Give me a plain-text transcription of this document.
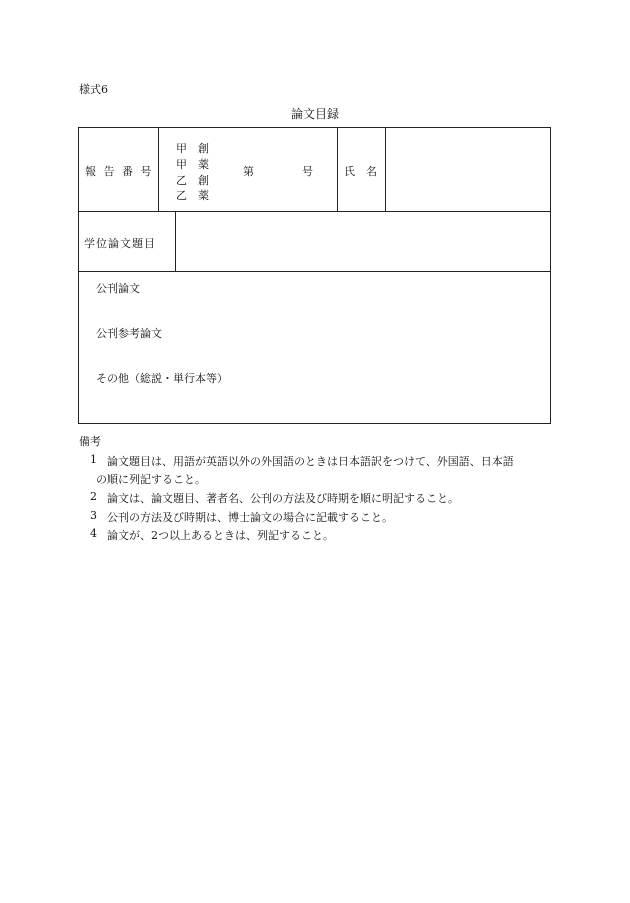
様式6
論文目録
報 告 番 号
甲　創
甲　薬
乙　創
乙　薬
第	号	氏　名
学位論文題目
公刊論文
公刊参考論文
その他（総説・単行本等）
備考
1 論文題目は、用語が英語以外の外国語のときは日本語訳をつけて、外国語、日本語
の順に列記すること。
2 論文は、論文題目、著者名、公刊の方法及び時期を順に明記すること。
3 公刊の方法及び時期は、博士論文の場合に記載すること。
4 論文が、2つ以上あるときは、列記すること。
